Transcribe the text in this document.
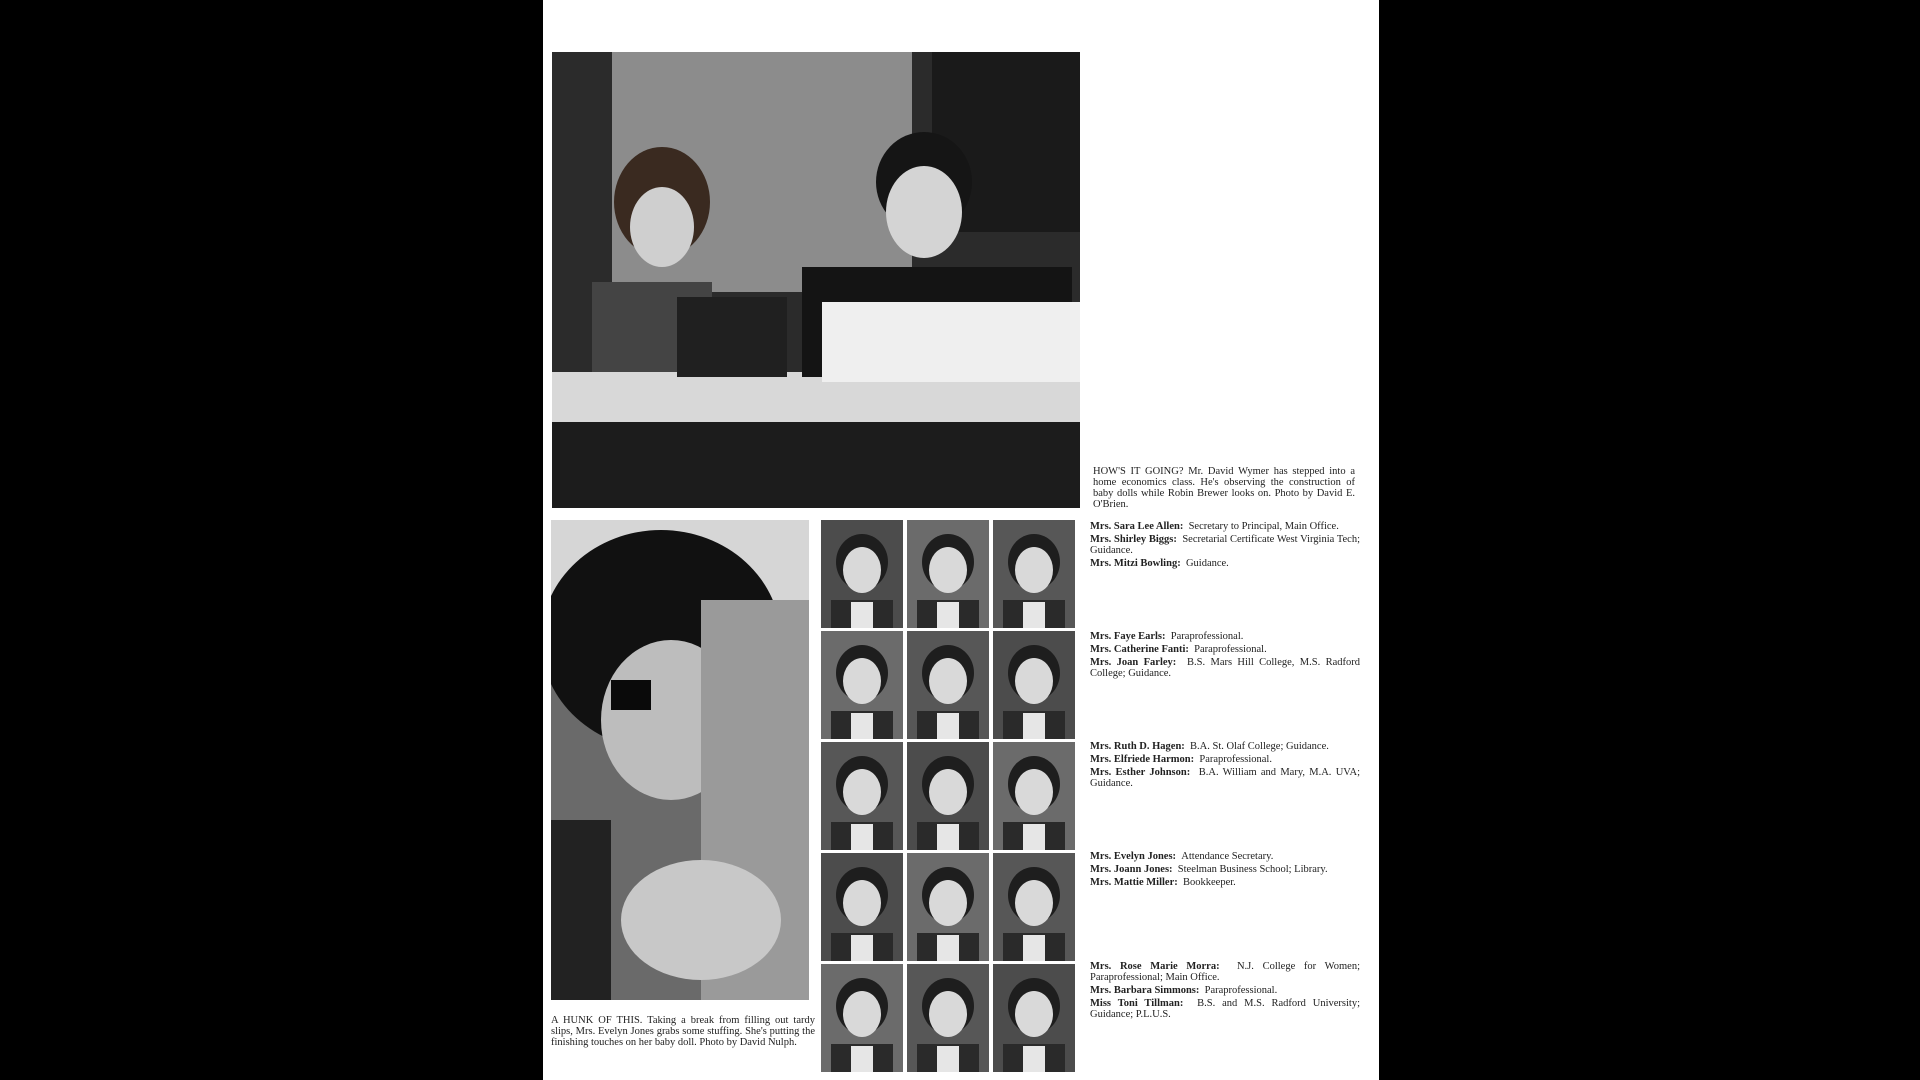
HOW'S IT GOING? Mr. David Wymer has stepped into a home economics class. He's observing the construction of baby dolls while Robin Brewer looks on. Photo by David E. O'Brien.
A HUNK OF THIS. Taking a break from filling out tardy slips, Mrs. Evelyn Jones grabs some stuffing. She's putting the finishing touches on her baby doll. Photo by David Nulph.
Mrs. Sara Lee Allen: Secretary to Principal, Main Office.
Mrs. Shirley Biggs: Secretarial Certificate West Virginia Tech; Guidance.
Mrs. Mitzi Bowling: Guidance.
Mrs. Faye Earls: Paraprofessional.
Mrs. Catherine Fanti: Paraprofessional.
Mrs. Joan Farley: B.S. Mars Hill College, M.S. Radford College; Guidance.
Mrs. Ruth D. Hagen: B.A. St. Olaf College; Guidance.
Mrs. Elfriede Harmon: Paraprofessional.
Mrs. Esther Johnson: B.A. William and Mary, M.A. UVA; Guidance.
Mrs. Evelyn Jones: Attendance Secretary.
Mrs. Joann Jones: Steelman Business School; Library.
Mrs. Mattie Miller: Bookkeeper.
Mrs. Rose Marie Morra: N.J. College for Women; Paraprofessional; Main Office.
Mrs. Barbara Simmons: Paraprofessional.
Miss Toni Tillman: B.S. and M.S. Radford University; Guidance; P.L.U.S.
